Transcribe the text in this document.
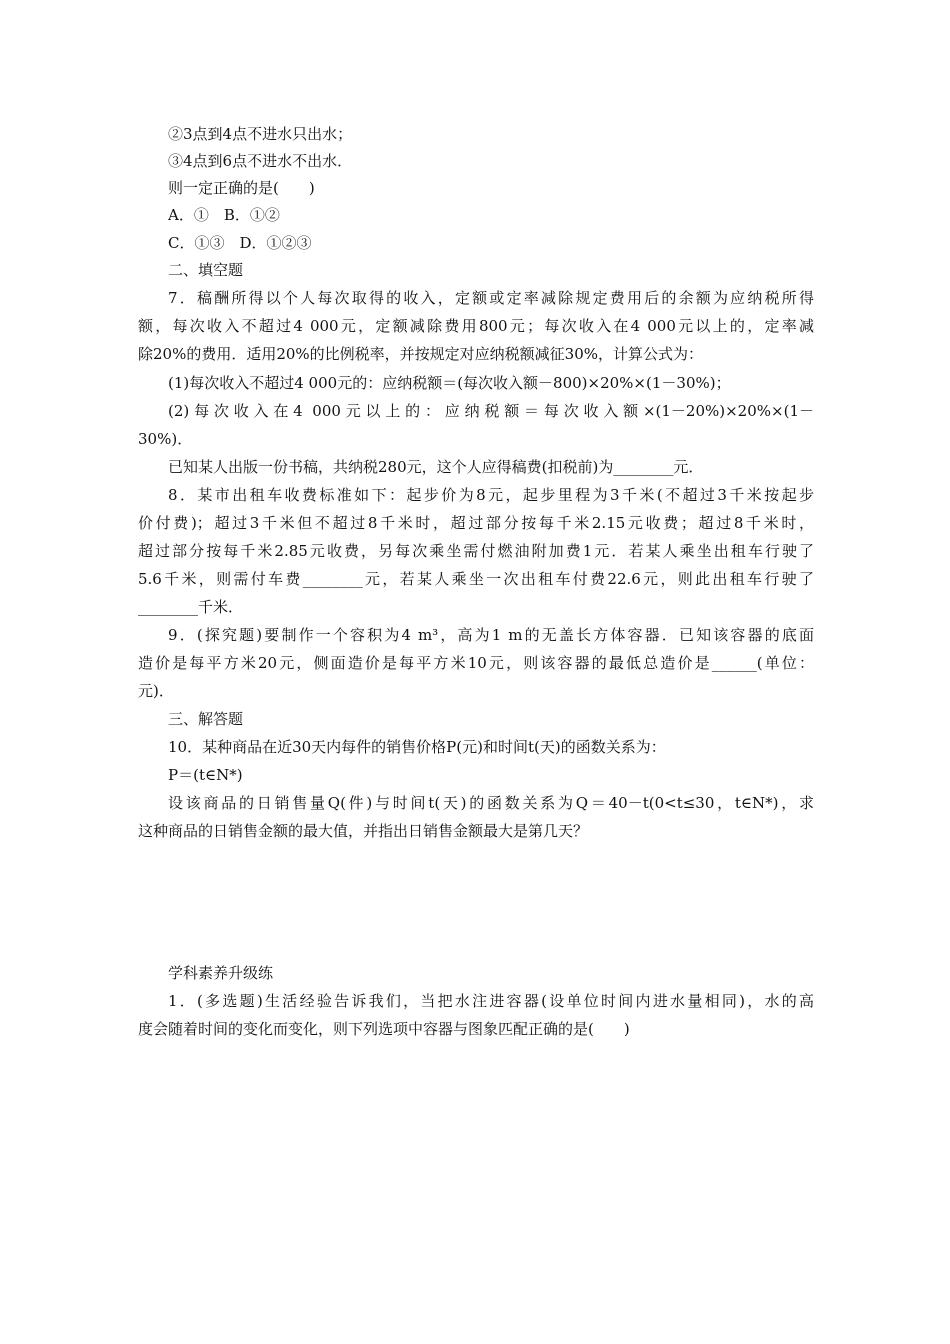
②3点到4点不进水只出水；
③4点到6点不进水不出水．
则一定正确的是(　　)
A．①　B．①②
C．①③　D．①②③
二、填空题
7．稿酬所得以个人每次取得的收入，定额或定率减除规定费用后的余额为应纳税所得
额，每次收入不超过4 000元，定额减除费用800元；每次收入在4 000元以上的，定率减
除20%的费用．适用20%的比例税率，并按规定对应纳税额减征30%，计算公式为：
(1)每次收入不超过4 000元的：应纳税额＝(每次收入额－800)×20%×(1－30%)；
(2)每次收入在4 000元以上的：应纳税额＝每次收入额×(1－20%)×20%×(1－
30%)．
已知某人出版一份书稿，共纳税280元，这个人应得稿费(扣税前)为________元．
8．某市出租车收费标准如下：起步价为8元，起步里程为3千米(不超过3千米按起步
价付费)；超过3千米但不超过8千米时，超过部分按每千米2.15元收费；超过8千米时，
超过部分按每千米2.85元收费，另每次乘坐需付燃油附加费1元．若某人乘坐出租车行驶了
5.6千米，则需付车费________元，若某人乘坐一次出租车付费22.6元，则此出租车行驶了
________千米．
9．(探究题)要制作一个容积为4 m³，高为1 m的无盖长方体容器．已知该容器的底面
造价是每平方米20元，侧面造价是每平方米10元，则该容器的最低总造价是______(单位：
元)．
三、解答题
10．某种商品在近30天内每件的销售价格P(元)和时间t(天)的函数关系为：
P＝(t∈N*)
设该商品的日销售量Q(件)与时间t(天)的函数关系为Q＝40－t(0<t≤30，t∈N*)，求
这种商品的日销售金额的最大值，并指出日销售金额最大是第几天？
学科素养升级练
1．(多选题)生活经验告诉我们，当把水注进容器(设单位时间内进水量相同)，水的高
度会随着时间的变化而变化，则下列选项中容器与图象匹配正确的是(　　)
